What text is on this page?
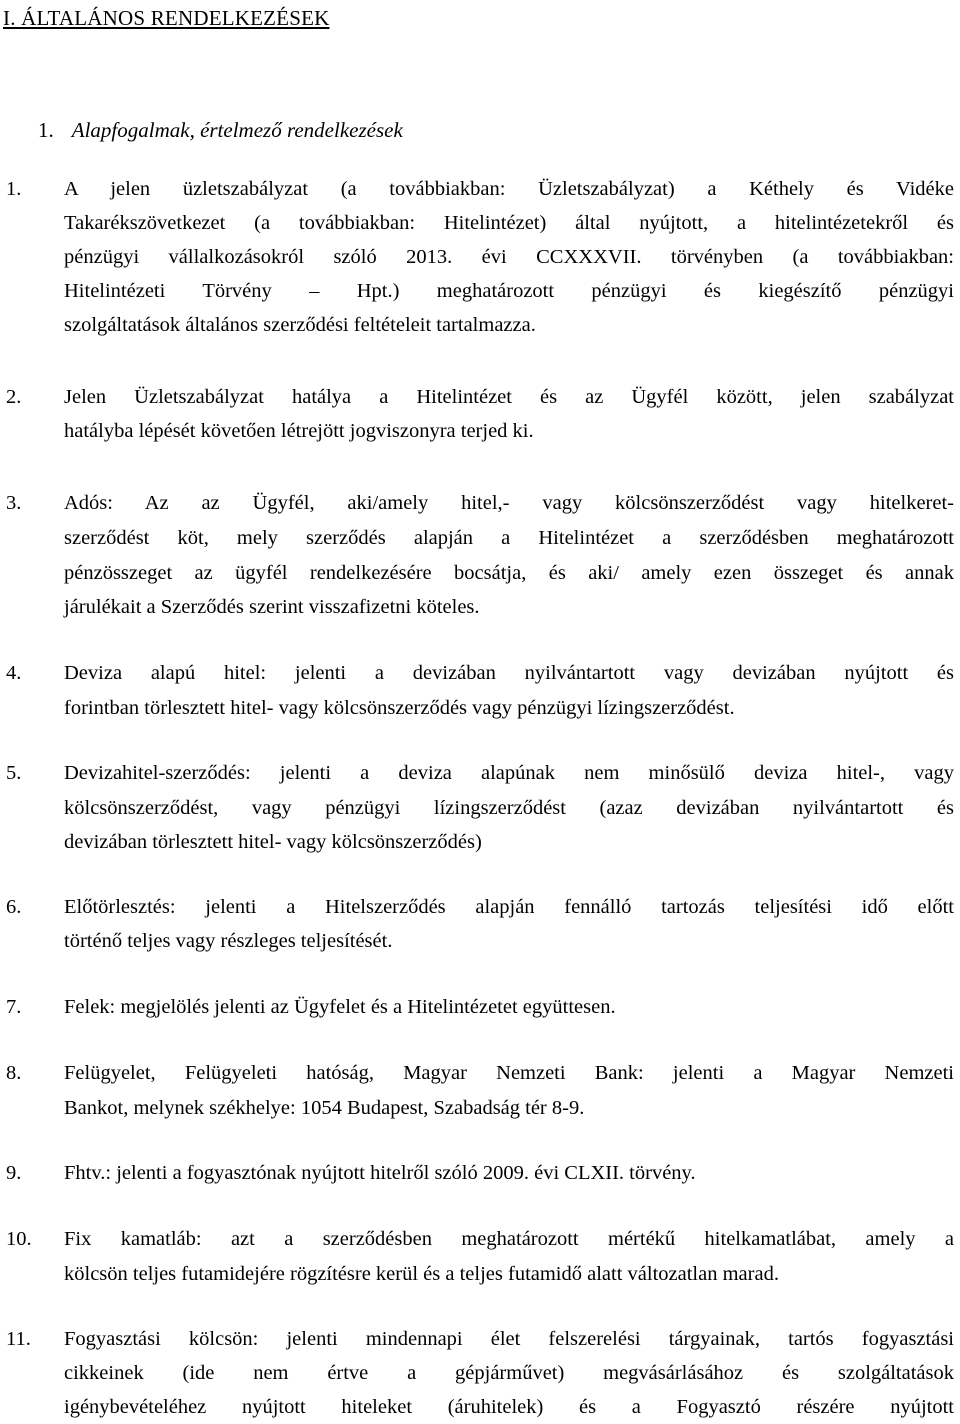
I. ÁLTALÁNOS RENDELKEZÉSEK
1. Alapfogalmak, értelmező rendelkezések
1. A jelen üzletszabályzat (a továbbiakban: Üzletszabályzat) a Kéthely és Vidéke
Takarékszövetkezet (a továbbiakban: Hitelintézet) által nyújtott, a hitelintézetekről és
pénzügyi vállalkozásokról szóló 2013. évi CCXXXVII. törvényben (a továbbiakban:
Hitelintézeti Törvény – Hpt.) meghatározott pénzügyi és kiegészítő pénzügyi
szolgáltatások általános szerződési feltételeit tartalmazza.
2. Jelen Üzletszabályzat hatálya a Hitelintézet és az Ügyfél között, jelen szabályzat
hatályba lépését követően létrejött jogviszonyra terjed ki.
3. Adós: Az az Ügyfél, aki/amely hitel,- vagy kölcsönszerződést vagy hitelkeret-
szerződést köt, mely szerződés alapján a Hitelintézet a szerződésben meghatározott
pénzösszeget az ügyfél rendelkezésére bocsátja, és aki/ amely ezen összeget és annak
járulékait a Szerződés szerint visszafizetni köteles.
4. Deviza alapú hitel: jelenti a devizában nyilvántartott vagy devizában nyújtott és
forintban törlesztett hitel- vagy kölcsönszerződés vagy pénzügyi lízingszerződést.
5. Devizahitel-szerződés: jelenti a deviza alapúnak nem minősülő deviza hitel-, vagy
kölcsönszerződést, vagy pénzügyi lízingszerződést (azaz devizában nyilvántartott és
devizában törlesztett hitel- vagy kölcsönszerződés)
6. Előtörlesztés: jelenti a Hitelszerződés alapján fennálló tartozás teljesítési idő előtt
történő teljes vagy részleges teljesítését.
7. Felek: megjelölés jelenti az Ügyfelet és a Hitelintézetet együttesen.
8. Felügyelet, Felügyeleti hatóság, Magyar Nemzeti Bank: jelenti a Magyar Nemzeti
Bankot, melynek székhelye: 1054 Budapest, Szabadság tér 8-9.
9. Fhtv.: jelenti a fogyasztónak nyújtott hitelről szóló 2009. évi CLXII. törvény.
10. Fix kamatláb: azt a szerződésben meghatározott mértékű hitelkamatlábat, amely a
kölcsön teljes futamidejére rögzítésre kerül és a teljes futamidő alatt változatlan marad.
11. Fogyasztási kölcsön: jelenti mindennapi élet felszerelési tárgyainak, tartós fogyasztási
cikkeinek (ide nem értve a gépjárművet) megvásárlásához és szolgáltatások
igénybevételéhez nyújtott hiteleket (áruhitelek) és a Fogyasztó részére nyújtott
